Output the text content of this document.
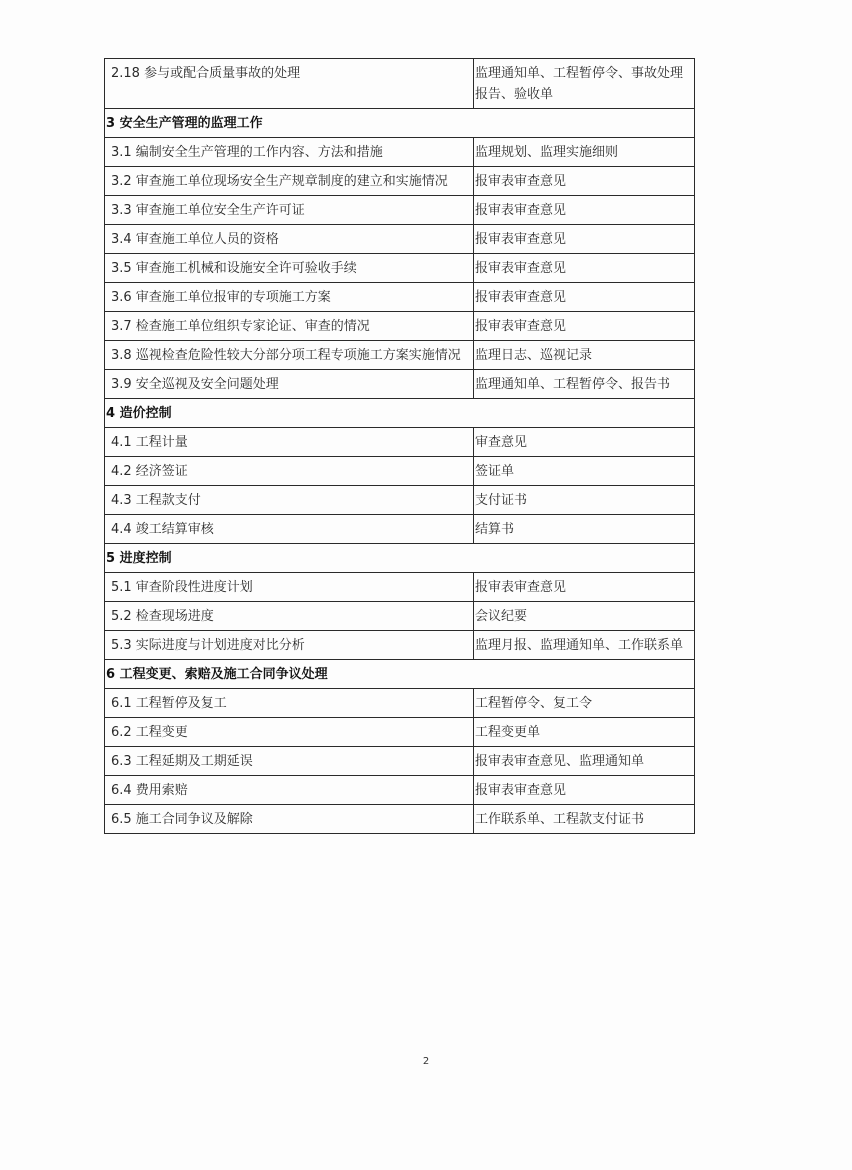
2.18 参与或配合质量事故的处理	监理通知单、工程暂停令、事故处理报告、验收单
3 安全生产管理的监理工作	
3.1 编制安全生产管理的工作内容、方法和措施	监理规划、监理实施细则
3.2 审查施工单位现场安全生产规章制度的建立和实施情况	报审表审查意见
3.3 审查施工单位安全生产许可证	报审表审查意见
3.4 审查施工单位人员的资格	报审表审查意见
3.5 审查施工机械和设施安全许可验收手续	报审表审查意见
3.6 审查施工单位报审的专项施工方案	报审表审查意见
3.7 检查施工单位组织专家论证、审查的情况	报审表审查意见
3.8 巡视检查危险性较大分部分项工程专项施工方案实施情况	监理日志、巡视记录
3.9 安全巡视及安全问题处理	监理通知单、工程暂停令、报告书
4 造价控制	
4.1 工程计量	审查意见
4.2 经济签证	签证单
4.3 工程款支付	支付证书
4.4 竣工结算审核	结算书
5 进度控制	
5.1 审查阶段性进度计划	报审表审查意见
5.2 检查现场进度	会议纪要
5.3 实际进度与计划进度对比分析	监理月报、监理通知单、工作联系单
6 工程变更、索赔及施工合同争议处理	
6.1 工程暂停及复工	工程暂停令、复工令
6.2 工程变更	工程变更单
6.3 工程延期及工期延误	报审表审查意见、监理通知单
6.4 费用索赔	报审表审查意见
6.5 施工合同争议及解除	工作联系单、工程款支付证书
2
